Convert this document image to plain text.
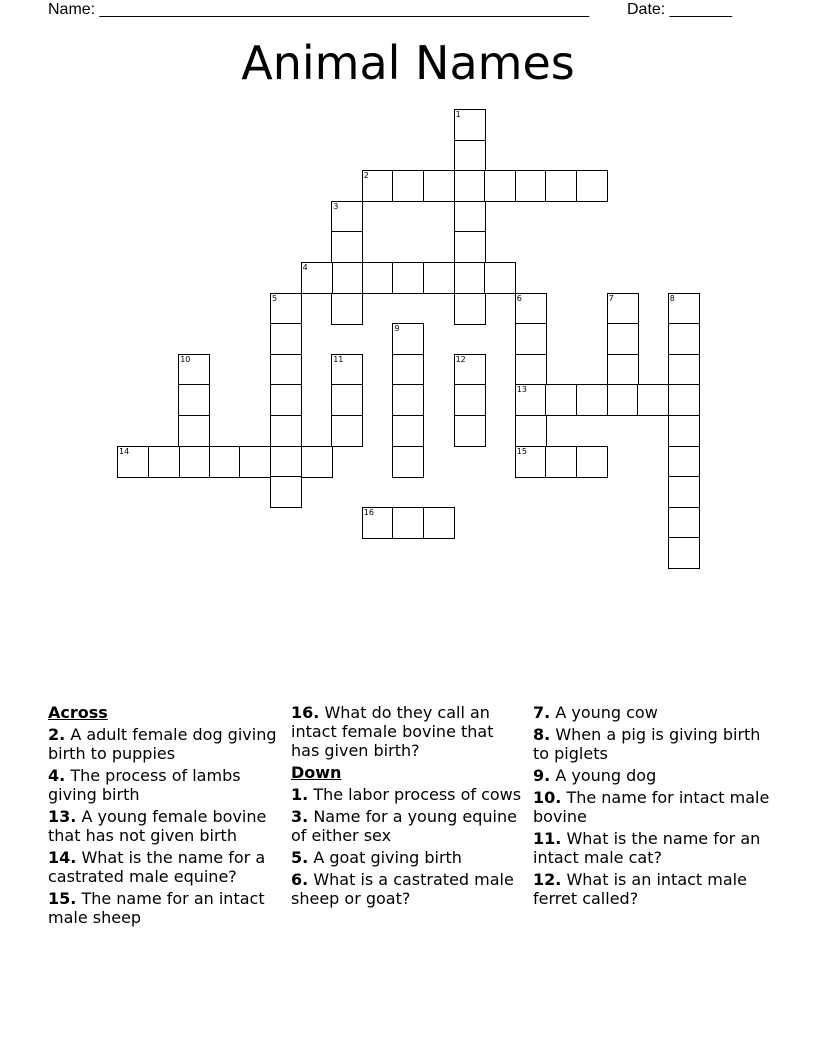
Name: _______________________________________________________ Date: _______
Animal Names
1
2
3
4
5	6
13
15
7	8
9
10	11	12
14
16
Across
2. A adult female dog giving birth to puppies
4. The process of lambs giving birth
13. A young female bovine that has not given birth
14. What is the name for a castrated male equine?
15. The name for an intact male sheep
16. What do they call an intact female bovine that has given birth?
Down
1. The labor process of cows
3. Name for a young equine of either sex
5. A goat giving birth
6. What is a castrated male sheep or goat?
7. A young cow
8. When a pig is giving birth to piglets
9. A young dog
10. The name for intact male bovine
11. What is the name for an intact male cat?
12. What is an intact male ferret called?
